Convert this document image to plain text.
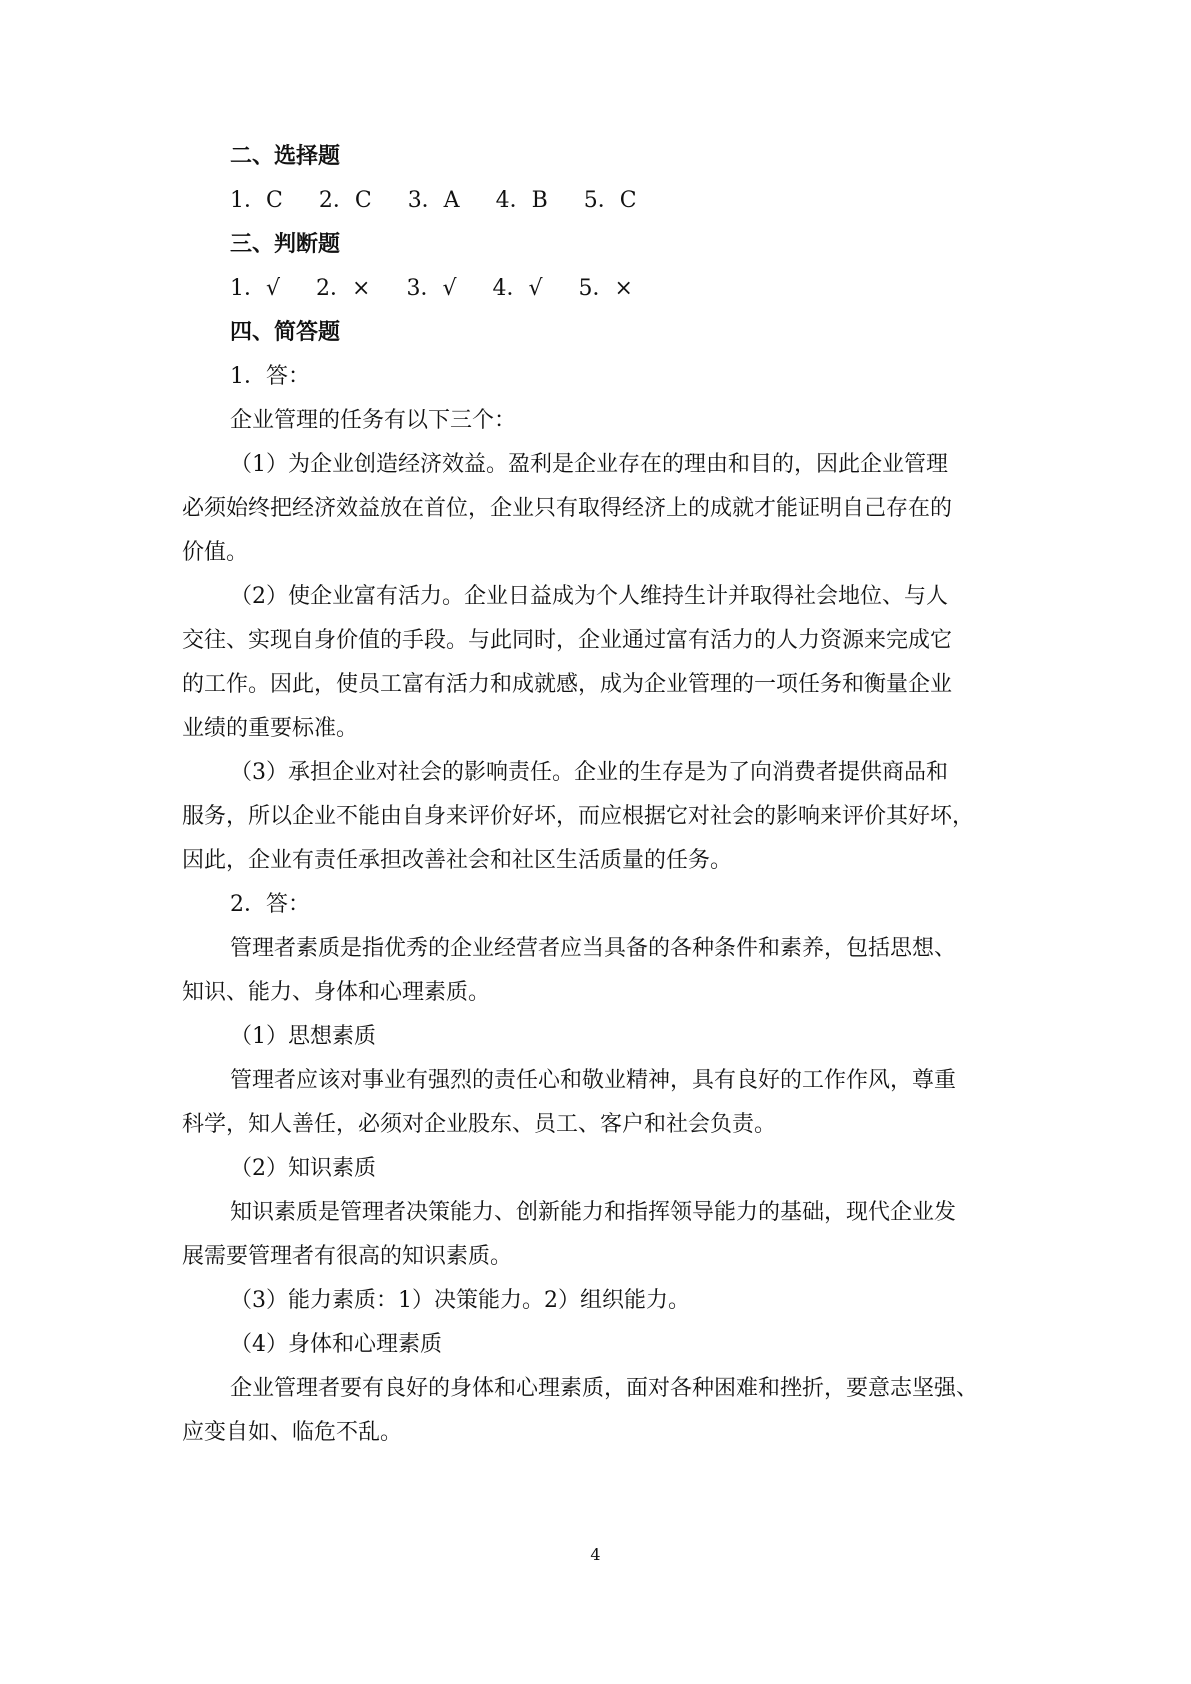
二、选择题
1．C 2．C 3．A 4．B 5．C
三、判断题
1．√ 2．× 3．√ 4．√ 5．×
四、简答题
1．答：
企业管理的任务有以下三个：
（1）为企业创造经济效益。盈利是企业存在的理由和目的，因此企业管理
必须始终把经济效益放在首位，企业只有取得经济上的成就才能证明自己存在的
价值。
（2）使企业富有活力。企业日益成为个人维持生计并取得社会地位、与人
交往、实现自身价值的手段。与此同时，企业通过富有活力的人力资源来完成它
的工作。因此，使员工富有活力和成就感，成为企业管理的一项任务和衡量企业
业绩的重要标准。
（3）承担企业对社会的影响责任。企业的生存是为了向消费者提供商品和
服务，所以企业不能由自身来评价好坏，而应根据它对社会的影响来评价其好坏，
因此，企业有责任承担改善社会和社区生活质量的任务。
2．答：
管理者素质是指优秀的企业经营者应当具备的各种条件和素养，包括思想、
知识、能力、身体和心理素质。
（1）思想素质
管理者应该对事业有强烈的责任心和敬业精神，具有良好的工作作风，尊重
科学，知人善任，必须对企业股东、员工、客户和社会负责。
（2）知识素质
知识素质是管理者决策能力、创新能力和指挥领导能力的基础，现代企业发
展需要管理者有很高的知识素质。
（3）能力素质：1）决策能力。2）组织能力。
（4）身体和心理素质
企业管理者要有良好的身体和心理素质，面对各种困难和挫折，要意志坚强、
应变自如、临危不乱。
4
